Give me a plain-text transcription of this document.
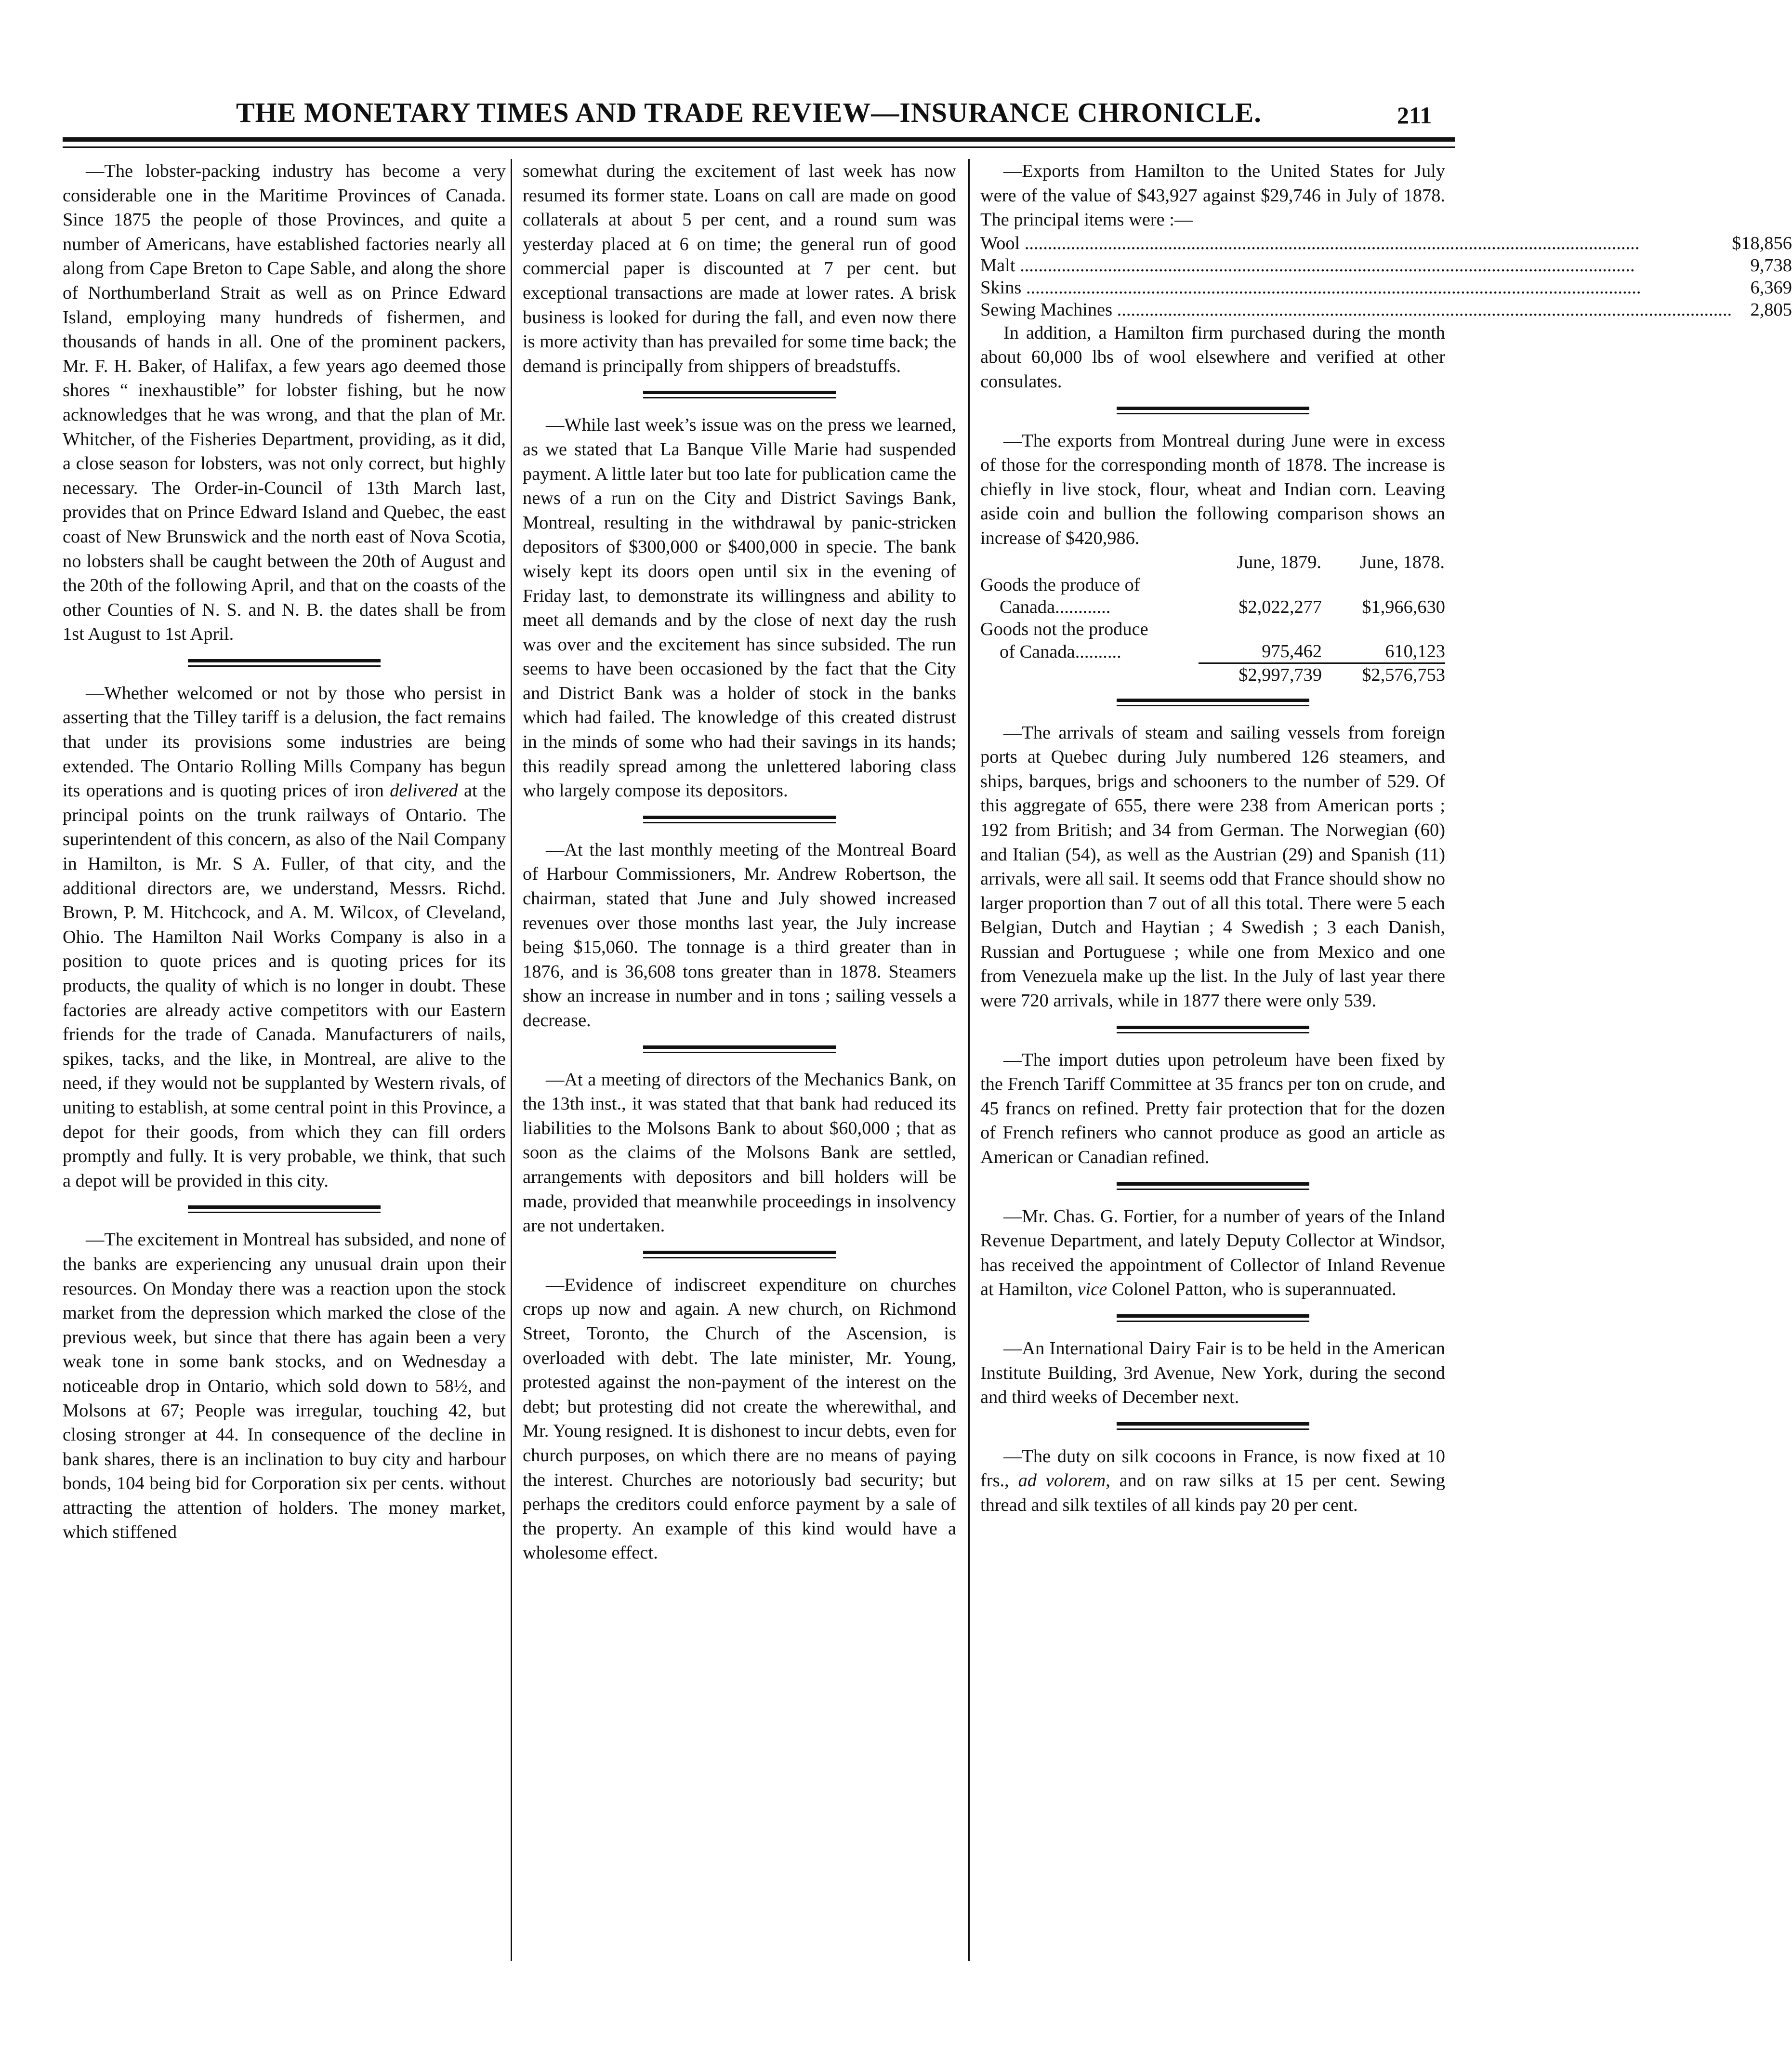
THE MONETARY TIMES AND TRADE REVIEW—INSURANCE CHRONICLE.	211

—The lobster-packing industry has become a very considerable one in the Maritime Provinces of Canada. Since 1875 the people of those Provinces, and quite a number of Americans, have established factories nearly all along from Cape Breton to Cape Sable, and along the shore of Northumberland Strait as well as on Prince Edward Island, employing many hundreds of fishermen, and thousands of hands in all. One of the prominent packers, Mr. F. H. Baker, of Halifax, a few years ago deemed those shores “ inexhaustible” for lobster fishing, but he now acknowledges that he was wrong, and that the plan of Mr. Whitcher, of the Fisheries Department, providing, as it did, a close season for lobsters, was not only correct, but highly necessary. The Order-in-Council of 13th March last, provides that on Prince Edward Island and Quebec, the east coast of New Brunswick and the north east of Nova Scotia, no lobsters shall be caught between the 20th of August and the 20th of the following April, and that on the coasts of the other Counties of N. S. and N. B. the dates shall be from 1st August to 1st April.

—Whether welcomed or not by those who persist in asserting that the Tilley tariff is a delusion, the fact remains that under its provisions some industries are being extended. The Ontario Rolling Mills Company has begun its operations and is quoting prices of iron delivered at the principal points on the trunk railways of Ontario. The superintendent of this concern, as also of the Nail Company in Hamilton, is Mr. S A. Fuller, of that city, and the additional directors are, we understand, Messrs. Richd. Brown, P. M. Hitchcock, and A. M. Wilcox, of Cleveland, Ohio. The Hamilton Nail Works Company is also in a position to quote prices and is quoting prices for its products, the quality of which is no longer in doubt. These factories are already active competitors with our Eastern friends for the trade of Canada. Manufacturers of nails, spikes, tacks, and the like, in Montreal, are alive to the need, if they would not be supplanted by Western rivals, of uniting to establish, at some central point in this Province, a depot for their goods, from which they can fill orders promptly and fully. It is very probable, we think, that such a depot will be provided in this city.

—The excitement in Montreal has subsided, and none of the banks are experiencing any unusual drain upon their resources. On Monday there was a reaction upon the stock market from the depression which marked the close of the previous week, but since that there has again been a very weak tone in some bank stocks, and on Wednesday a noticeable drop in Ontario, which sold down to 58½, and Molsons at 67; People was irregular, touching 42, but closing stronger at 44. In consequence of the decline in bank shares, there is an inclination to buy city and harbour bonds, 104 being bid for Corporation six per cents. without attracting the attention of holders. The money market, which stiffened

somewhat during the excitement of last week has now resumed its former state. Loans on call are made on good collaterals at about 5 per cent, and a round sum was yesterday placed at 6 on time; the general run of good commercial paper is discounted at 7 per cent. but exceptional transactions are made at lower rates. A brisk business is looked for during the fall, and even now there is more activity than has prevailed for some time back; the demand is principally from shippers of breadstuffs.

—While last week’s issue was on the press we learned, as we stated that La Banque Ville Marie had suspended payment. A little later but too late for publication came the news of a run on the City and District Savings Bank, Montreal, resulting in the withdrawal by panic-stricken depositors of $300,000 or $400,000 in specie. The bank wisely kept its doors open until six in the evening of Friday last, to demonstrate its willingness and ability to meet all demands and by the close of next day the rush was over and the excitement has since subsided. The run seems to have been occasioned by the fact that the City and District Bank was a holder of stock in the banks which had failed. The knowledge of this created distrust in the minds of some who had their savings in its hands; this readily spread among the unlettered laboring class who largely compose its depositors.

—At the last monthly meeting of the Montreal Board of Harbour Commissioners, Mr. Andrew Robertson, the chairman, stated that June and July showed increased revenues over those months last year, the July increase being $15,060. The tonnage is a third greater than in 1876, and is 36,608 tons greater than in 1878. Steamers show an increase in number and in tons ; sailing vessels a decrease.

—At a meeting of directors of the Mechanics Bank, on the 13th inst., it was stated that that bank had reduced its liabilities to the Molsons Bank to about $60,000 ; that as soon as the claims of the Molsons Bank are settled, arrangements with depositors and bill holders will be made, provided that meanwhile proceedings in insolvency are not undertaken.

—Evidence of indiscreet expenditure on churches crops up now and again. A new church, on Richmond Street, Toronto, the Church of the Ascension, is overloaded with debt. The late minister, Mr. Young, protested against the non-payment of the interest on the debt; but protesting did not create the wherewithal, and Mr. Young resigned. It is dishonest to incur debts, even for church purposes, on which there are no means of paying the interest. Churches are notoriously bad security; but perhaps the creditors could enforce payment by a sale of the property. An example of this kind would have a wholesome effect.

—Exports from Hamilton to the United States for July were of the value of $43,927 against $29,746 in July of 1878. The principal items were :—

Wool .....	$18,856
Malt .....	9,738
Skins .....	6,369
Sewing Machines .....	2,805

In addition, a Hamilton firm purchased during the month about 60,000 lbs of wool elsewhere and verified at other consulates.

—The exports from Montreal during June were in excess of those for the corresponding month of 1878. The increase is chiefly in live stock, flour, wheat and Indian corn. Leaving aside coin and bullion the following comparison shows an increase of $420,986.

	June, 1879.	June, 1878.
Goods the produce of		
Canada............	$2,022,277	$1,966,630
Goods not the produce		
of Canada..........	975,462	610,123
	$2,997,739	$2,576,753

—The arrivals of steam and sailing vessels from foreign ports at Quebec during July numbered 126 steamers, and ships, barques, brigs and schooners to the number of 529. Of this aggregate of 655, there were 238 from American ports ; 192 from British; and 34 from German. The Norwegian (60) and Italian (54), as well as the Austrian (29) and Spanish (11) arrivals, were all sail. It seems odd that France should show no larger proportion than 7 out of all this total. There were 5 each Belgian, Dutch and Haytian ; 4 Swedish ; 3 each Danish, Russian and Portuguese ; while one from Mexico and one from Venezuela make up the list. In the July of last year there were 720 arrivals, while in 1877 there were only 539.

—The import duties upon petroleum have been fixed by the French Tariff Committee at 35 francs per ton on crude, and 45 francs on refined. Pretty fair protection that for the dozen of French refiners who cannot produce as good an article as American or Canadian refined.

—Mr. Chas. G. Fortier, for a number of years of the Inland Revenue Department, and lately Deputy Collector at Windsor, has received the appointment of Collector of Inland Revenue at Hamilton, vice Colonel Patton, who is superannuated.

—An International Dairy Fair is to be held in the American Institute Building, 3rd Avenue, New York, during the second and third weeks of December next.

—The duty on silk cocoons in France, is now fixed at 10 frs., ad volorem, and on raw silks at 15 per cent. Sewing thread and silk textiles of all kinds pay 20 per cent.
